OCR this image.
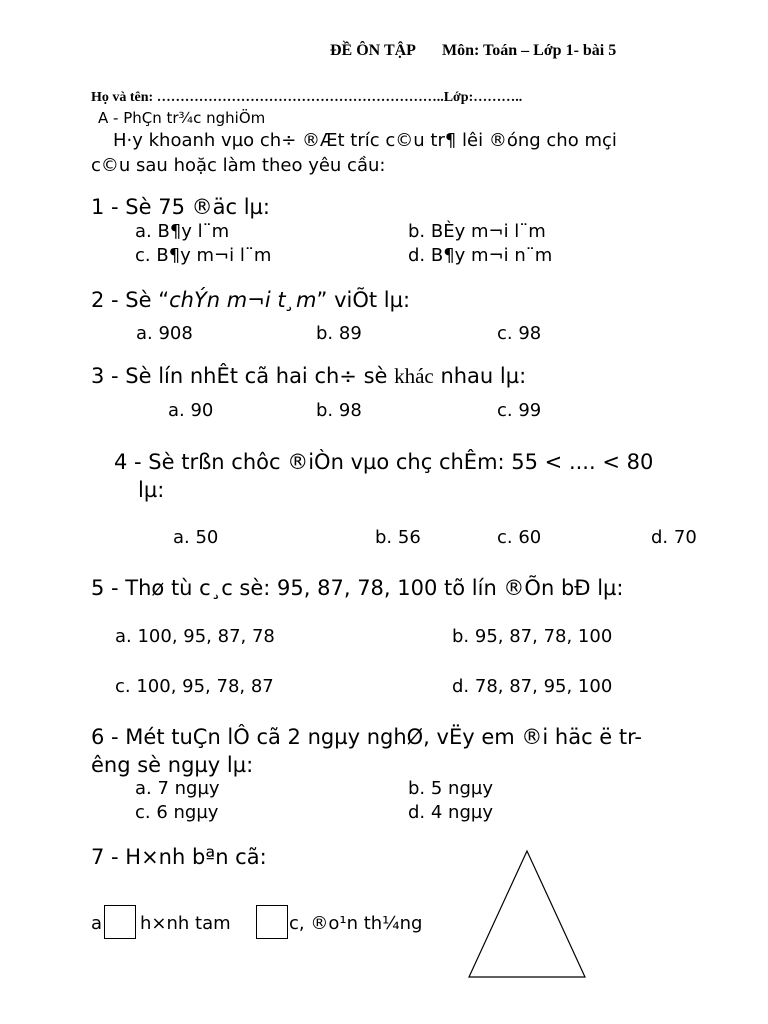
ĐỀ ÔN TẬP Môn: Toán – Lớp 1- bài 5
Họ và tên: ……………………………………………………..Lớp:………..
A - PhÇn tr¾c nghiÖm
H·y khoanh vµo ch÷ ®Æt tríc c©u tr¶ lêi ®óng cho mçi
c©u sau hoặc làm theo yêu cầu:
1 - Sè 75 ®äc lµ:
a. B¶y l¨m	b. BÈy m¬i l¨m
c. B¶y m¬i l¨m	d. B¶y m¬i n¨m
2 - Sè “chÝn m¬i t¸m” viÕt lµ:
a. 908	b. 89	c. 98
3 - Sè lín nhÊt cã hai ch÷ sè khác nhau lµ:
a. 90	b. 98	c. 99
4 - Sè trßn chôc ®iÒn vµo chç chÊm: 55 < .... < 80
lµ:
a. 50	b. 56	c. 60	d. 70
5 - Thø tù c¸c sè: 95, 87, 78, 100 tõ lín ®Õn bÐ lµ:
a. 100, 95, 87, 78	b. 95, 87, 78, 100
c. 100, 95, 78, 87	d. 78, 87, 95, 100
6 - Mét tuÇn lÔ cã 2 ngµy nghØ, vËy em ®i häc ë tr-
êng sè ngµy lµ:
a. 7 ngµy	b. 5 ngµy
c. 6 ngµy	d. 4 ngµy
7 - H×nh bªn cã:
a h×nh tam	c, ®o¹n th¼ng
